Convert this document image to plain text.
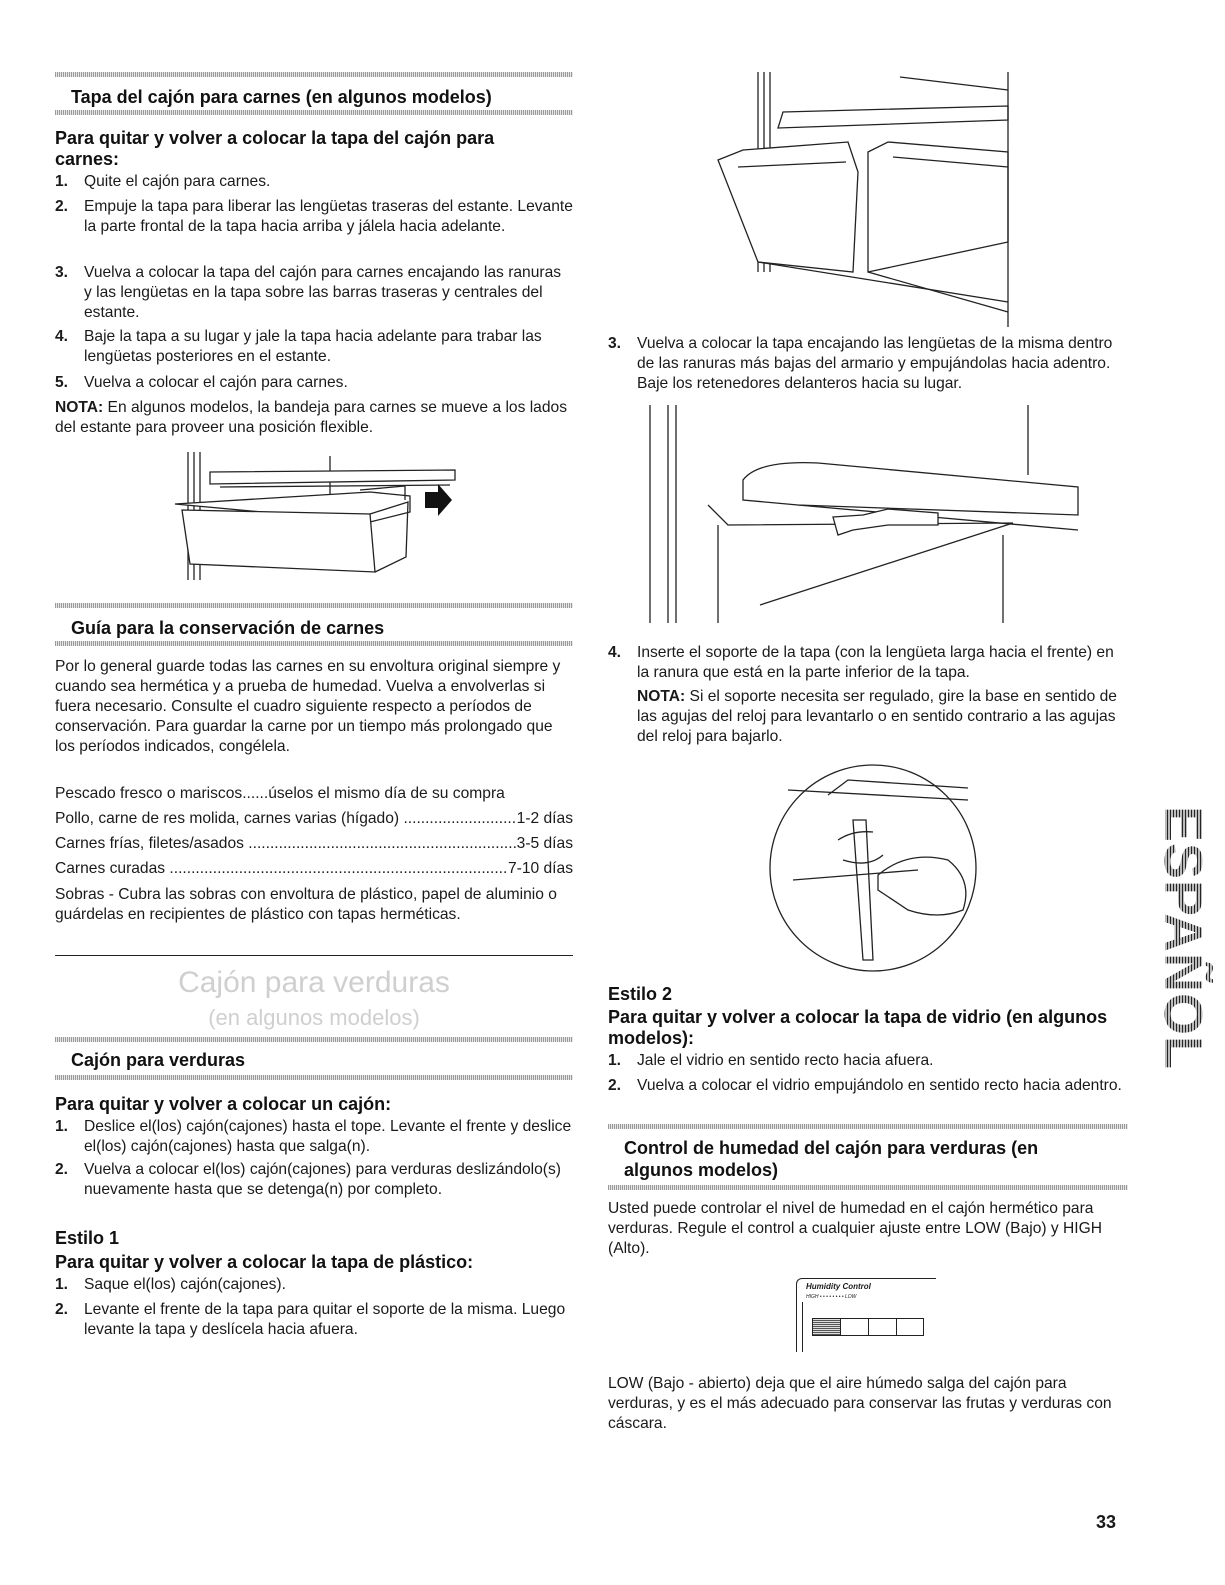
Tapa del cajón para carnes (en algunos modelos)
Para quitar y volver a colocar la tapa del cajón para carnes:
1. Quite el cajón para carnes.
2. Empuje la tapa para liberar las lengüetas traseras del estante. Levante la parte frontal de la tapa hacia arriba y jálela hacia adelante.
3. Vuelva a colocar la tapa del cajón para carnes encajando las ranuras y las lengüetas en la tapa sobre las barras traseras y centrales del estante.
4. Baje la tapa a su lugar y jale la tapa hacia adelante para trabar las lengüetas posteriores en el estante.
5. Vuelva a colocar el cajón para carnes.
NOTA: En algunos modelos, la bandeja para carnes se mueve a los lados del estante para proveer una posición flexible.
Guía para la conservación de carnes
Por lo general guarde todas las carnes en su envoltura original siempre y cuando sea hermética y a prueba de humedad. Vuelva a envolverlas si fuera necesario. Consulte el cuadro siguiente respecto a períodos de conservación. Para guardar la carne por un tiempo más prolongado que los períodos indicados, congélela.
Pescado fresco o mariscos......úselos el mismo día de su compra
Pollo, carne de res molida, carnes varias (hígado) .....	1-2 días
Carnes frías, filetes/asados .....	3-5 días
Carnes curadas .....	7-10 días
Sobras - Cubra las sobras con envoltura de plástico, papel de aluminio o guárdelas en recipientes de plástico con tapas herméticas.
Cajón para verduras
(en algunos modelos)
Cajón para verduras
Para quitar y volver a colocar un cajón:
1. Deslice el(los) cajón(cajones) hasta el tope. Levante el frente y deslice el(los) cajón(cajones) hasta que salga(n).
2. Vuelva a colocar el(los) cajón(cajones) para verduras deslizándolo(s) nuevamente hasta que se detenga(n) por completo.
Estilo 1
Para quitar y volver a colocar la tapa de plástico:
1. Saque el(los) cajón(cajones).
2. Levante el frente de la tapa para quitar el soporte de la misma. Luego levante la tapa y deslícela hacia afuera.
3. Vuelva a colocar la tapa encajando las lengüetas de la misma dentro de las ranuras más bajas del armario y empujándolas hacia adentro. Baje los retenedores delanteros hacia su lugar.
4. Inserte el soporte de la tapa (con la lengüeta larga hacia el frente) en la ranura que está en la parte inferior de la tapa.
NOTA: Si el soporte necesita ser regulado, gire la base en sentido de las agujas del reloj para levantarlo o en sentido contrario a las agujas del reloj para bajarlo.
Estilo 2
Para quitar y volver a colocar la tapa de vidrio (en algunos modelos):
1. Jale el vidrio en sentido recto hacia afuera.
2. Vuelva a colocar el vidrio empujándolo en sentido recto hacia adentro.
Control de humedad del cajón para verduras (en algunos modelos)
Usted puede controlar el nivel de humedad en el cajón hermético para verduras. Regule el control a cualquier ajuste entre LOW (Bajo) y HIGH (Alto).
Humidity Control
HIGH • • • • • • • • LOW
LOW (Bajo - abierto) deja que el aire húmedo salga del cajón para verduras, y es el más adecuado para conservar las frutas y verduras con cáscara.
33
ESPAÑOL
